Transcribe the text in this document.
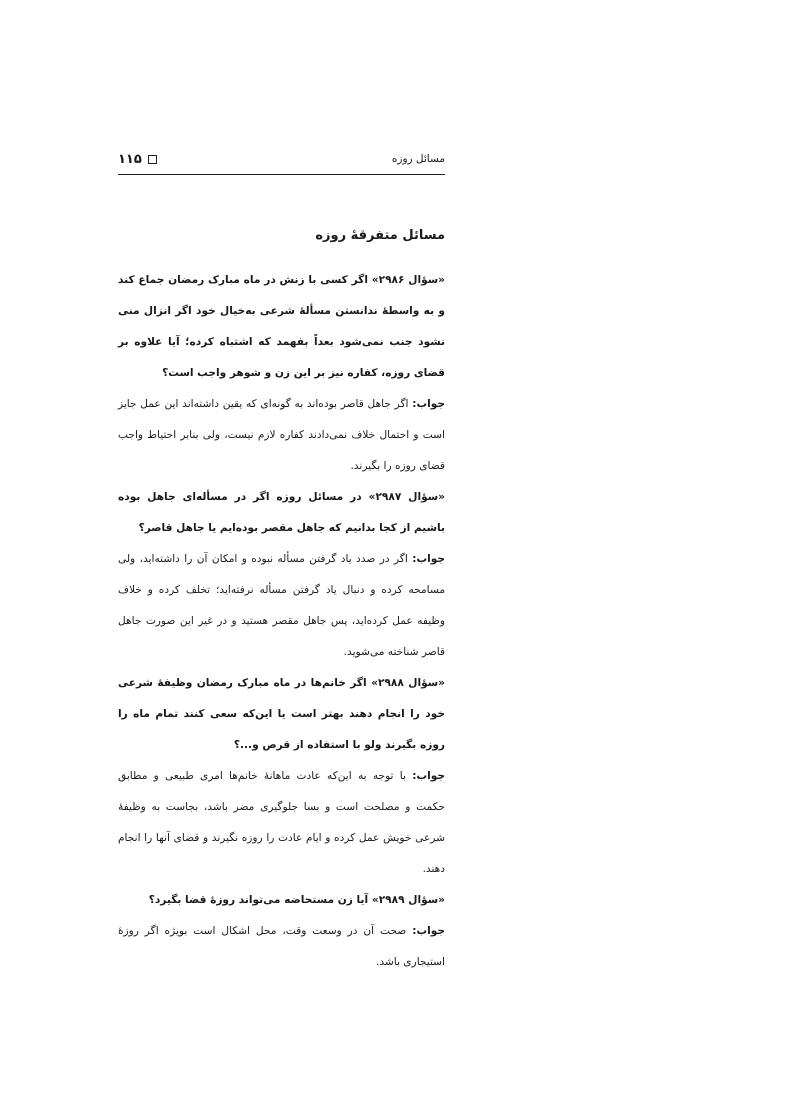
۱۱۵	مسائل روزه
مسائل متفرقهٔ روزه

«سؤال ۲۹۸۶» اگر کسی با زنش در ماه مبارک رمضان جماع کند و به واسطهٔ ندانستن مسألهٔ شرعی به‌خیال خود اگر انزال منی نشود جنب نمی‌شود بعداً بفهمد که اشتباه کرده؛ آیا علاوه بر قضای روزه، کفاره نیز بر این زن و شوهر واجب است؟

جواب: اگر جاهل قاصر بوده‌اند به گونه‌ای که یقین داشته‌اند این عمل جایز است و احتمال خلاف نمی‌دادند کفاره لازم نیست، ولی بنابر احتیاط واجب قضای روزه را بگیرند.

«سؤال ۲۹۸۷» در مسائل روزه اگر در مسأله‌ای جاهل بوده باشیم از کجا بدانیم که جاهل مقصر بوده‌ایم یا جاهل قاصر؟

جواب: اگر در صدد یاد گرفتن مسأله نبوده و امکان آن را داشته‌اید، ولی مسامحه کرده و دنبال یاد گرفتن مسأله نرفته‌اید؛ تخلف کرده و خلاف وظیفه عمل کرده‌اید، پس جاهل مقصر هستید و در غیر این صورت جاهل قاصر شناخته می‌شوید.

«سؤال ۲۹۸۸» اگر خانم‌ها در ماه مبارک رمضان وظیفهٔ شرعی خود را انجام دهند بهتر است یا این‌که سعی کنند تمام ماه را روزه بگیرند ولو با استفاده از قرص و...؟

جواب: با توجه به این‌که عادت ماهانهٔ خانم‌ها امری طبیعی و مطابق حکمت و مصلحت است و بسا جلوگیری مضر باشد، بجاست به وظیفهٔ شرعی خویش عمل کرده و ایام عادت را روزه نگیرند و قضای آنها را انجام دهند.

«سؤال ۲۹۸۹» آیا زن مستحاضه می‌تواند روزهٔ قضا بگیرد؟

جواب: صحت آن در وسعت وقت، محل اشکال است بویژه اگر روزهٔ استیجاری باشد.
